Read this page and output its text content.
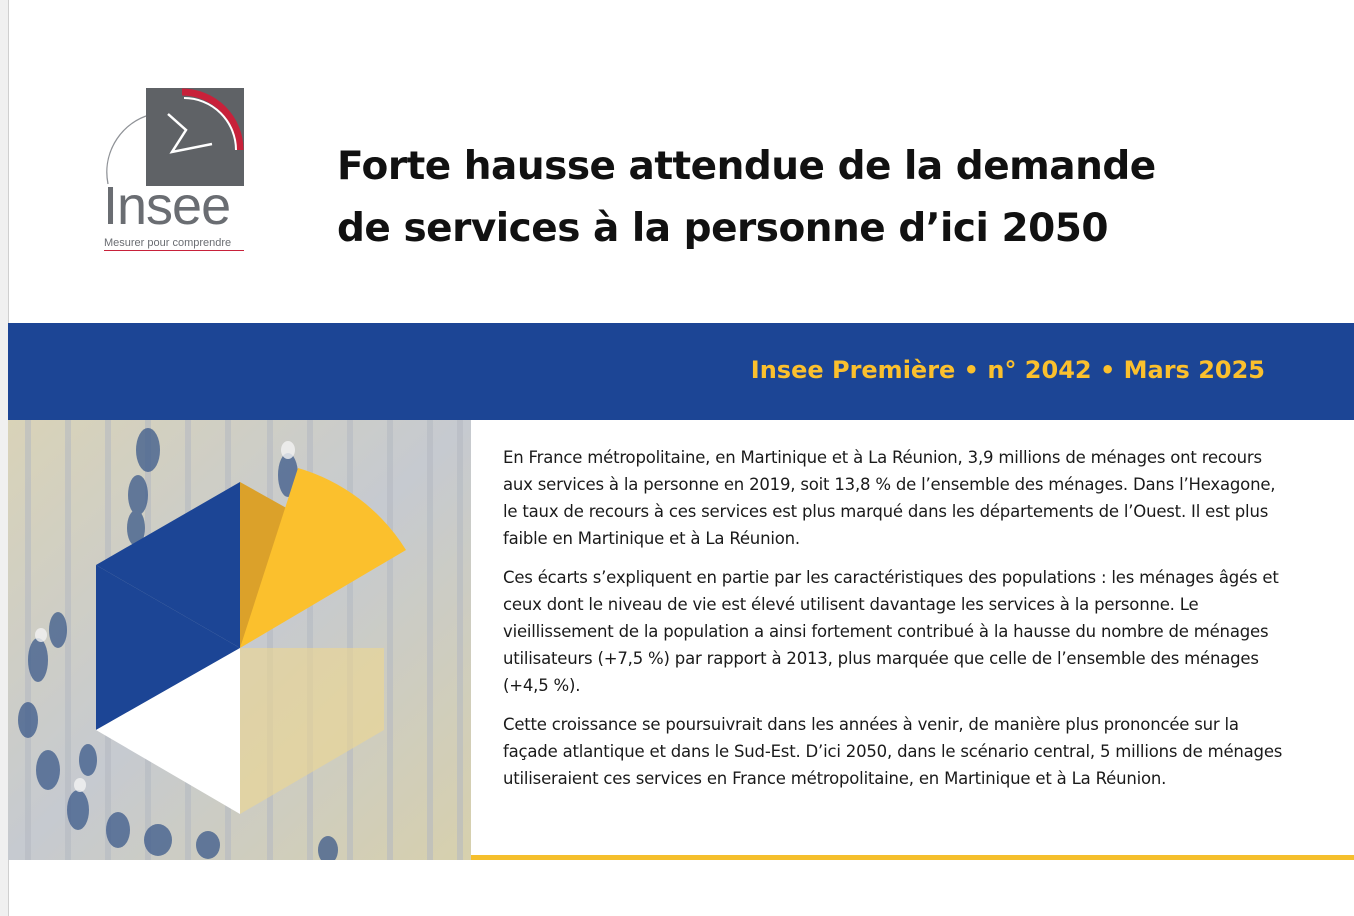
Insee
Mesurer pour comprendre
Forte hausse attendue de la demande
de services à la personne d’ici 2050
Insee Première • n° 2042 • Mars 2025

En France métropolitaine, en Martinique et à La Réunion, 3,9 millions de ménages ont recours aux services à la personne en 2019, soit 13,8 % de l’ensemble des ménages. Dans l’Hexagone, le taux de recours à ces services est plus marqué dans les départements de l’Ouest. Il est plus faible en Martinique et à La Réunion.

Ces écarts s’expliquent en partie par les caractéristiques des populations : les ménages âgés et ceux dont le niveau de vie est élevé utilisent davantage les services à la personne. Le vieillissement de la population a ainsi fortement contribué à la hausse du nombre de ménages utilisateurs (+7,5 %) par rapport à 2013, plus marquée que celle de l’ensemble des ménages (+4,5 %).

Cette croissance se poursuivrait dans les années à venir, de manière plus prononcée sur la façade atlantique et dans le Sud-Est. D’ici 2050, dans le scénario central, 5 millions de ménages utiliseraient ces services en France métropolitaine, en Martinique et à La Réunion.
